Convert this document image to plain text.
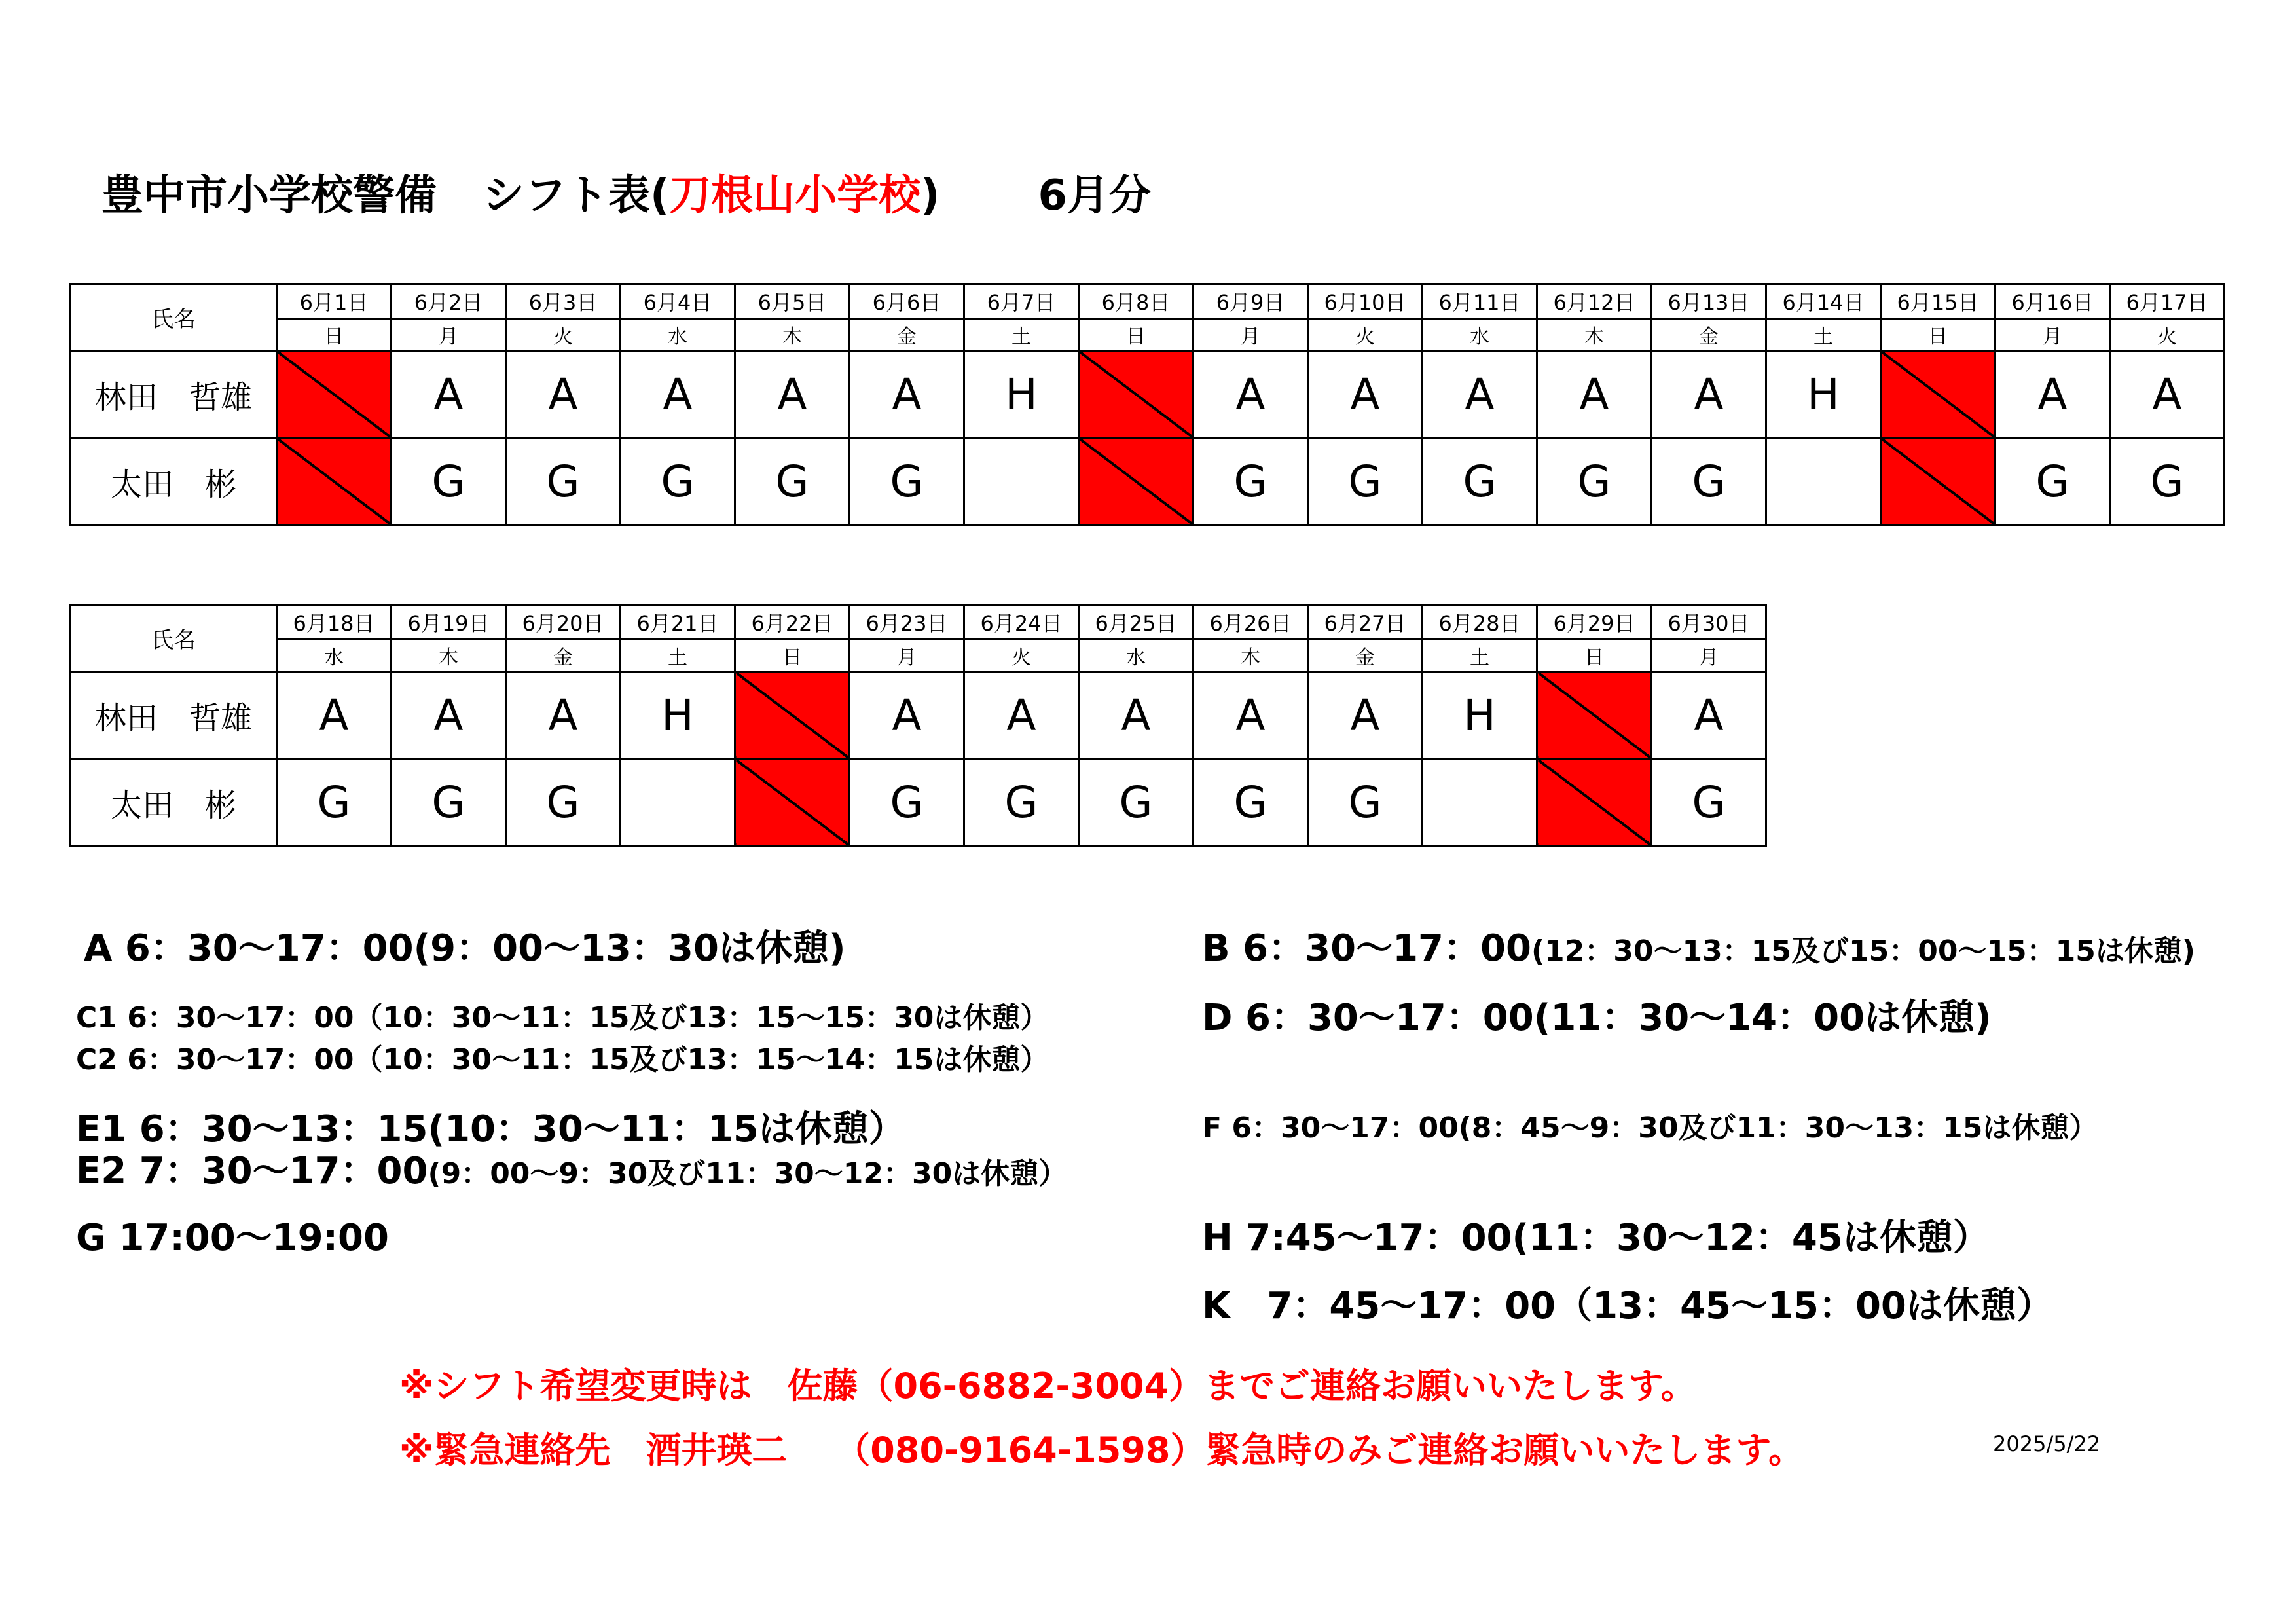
豊中市小学校警備 シフト表(刀根山小学校) 6月分
氏名	6月1日	6月2日	6月3日	6月4日	6月5日	6月6日	6月7日	6月8日	6月9日	6月10日	6月11日	6月12日	6月13日	6月14日	6月15日	6月16日	6月17日
	日	月	火	水	木	金	土	日	月	火	水	木	金	土	日	月	火
林田　哲雄		A	A	A	A	A	H		A	A	A	A	A	H		A	A
太田　彬		G	G	G	G	G			G	G	G	G	G			G	G
氏名	6月18日	6月19日	6月20日	6月21日	6月22日	6月23日	6月24日	6月25日	6月26日	6月27日	6月28日	6月29日	6月30日
	水	木	金	土	日	月	火	水	木	金	土	日	月
林田　哲雄	A	A	A	H		A	A	A	A	A	H		A
太田　彬	G	G	G			G	G	G	G	G			G
A 6：30～17：00(9：00～13：30は休憩)	B 6：30～17：00(12：30～13：15及び15：00～15：15は休憩)
C1 6：30～17：00（10：30～11：15及び13：15～15：30は休憩）
C2 6：30～17：00（10：30～11：15及び13：15～14：15は休憩）
D 6：30～17：00(11：30～14：00は休憩)
E1 6：30～13：15(10：30～11：15は休憩）
E2 7：30～17：00(9：00～9：30及び11：30～12：30は休憩）
F 6：30～17：00(8：45～9：30及び11：30～13：15は休憩）
G 17:00～19:00	H 7:45～17：00(11：30～12：45は休憩）
K　7：45～17：00（13：45～15：00は休憩）
※シフト希望変更時は　佐藤（06-6882-3004）までご連絡お願いいたします。
※緊急連絡先　酒井瑛二　 （080-9164-1598）緊急時のみご連絡お願いいたします。	2025/5/22
